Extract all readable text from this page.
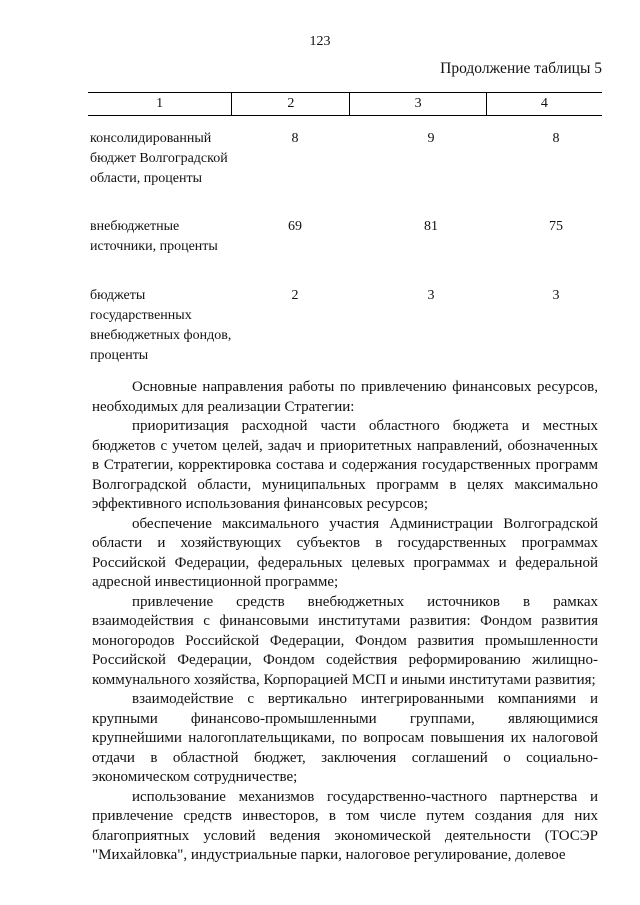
123
Продолжение таблицы 5
1	2	3	4
консолидированный бюджет Волгоградской области, проценты
8	9	8
внебюджетные источники, проценты
69	81	75
бюджеты государственных внебюджетных фондов, проценты
2	3	3

Основные направления работы по привлечению финансовых ресурсов, необходимых для реализации Стратегии:

приоритизация расходной части областного бюджета и местных бюджетов с учетом целей, задач и приоритетных направлений, обозначенных в Стратегии, корректировка состава и содержания государственных программ Волгоградской области, муниципальных программ в целях максимально эффективного использования финансовых ресурсов;

обеспечение максимального участия Администрации Волгоградской области и хозяйствующих субъектов в государственных программах Российской Федерации, федеральных целевых программах и федеральной адресной инвестиционной программе;

привлечение средств внебюджетных источников в рамках взаимодействия с финансовыми институтами развития: Фондом развития моногородов Российской Федерации, Фондом развития промышленности Российской Федерации, Фондом содействия реформированию жилищно-коммунального хозяйства, Корпорацией МСП и иными институтами развития;

взаимодействие с вертикально интегрированными компаниями и крупными финансово-промышленными группами, являющимися крупнейшими налогоплательщиками, по вопросам повышения их налоговой отдачи в областной бюджет, заключения соглашений о социально-экономическом сотрудничестве;

использование механизмов государственно-частного партнерства и привлечение средств инвесторов, в том числе путем создания для них благоприятных условий ведения экономической деятельности (ТОСЭР "Михайловка", индустриальные парки, налоговое регулирование, долевое
